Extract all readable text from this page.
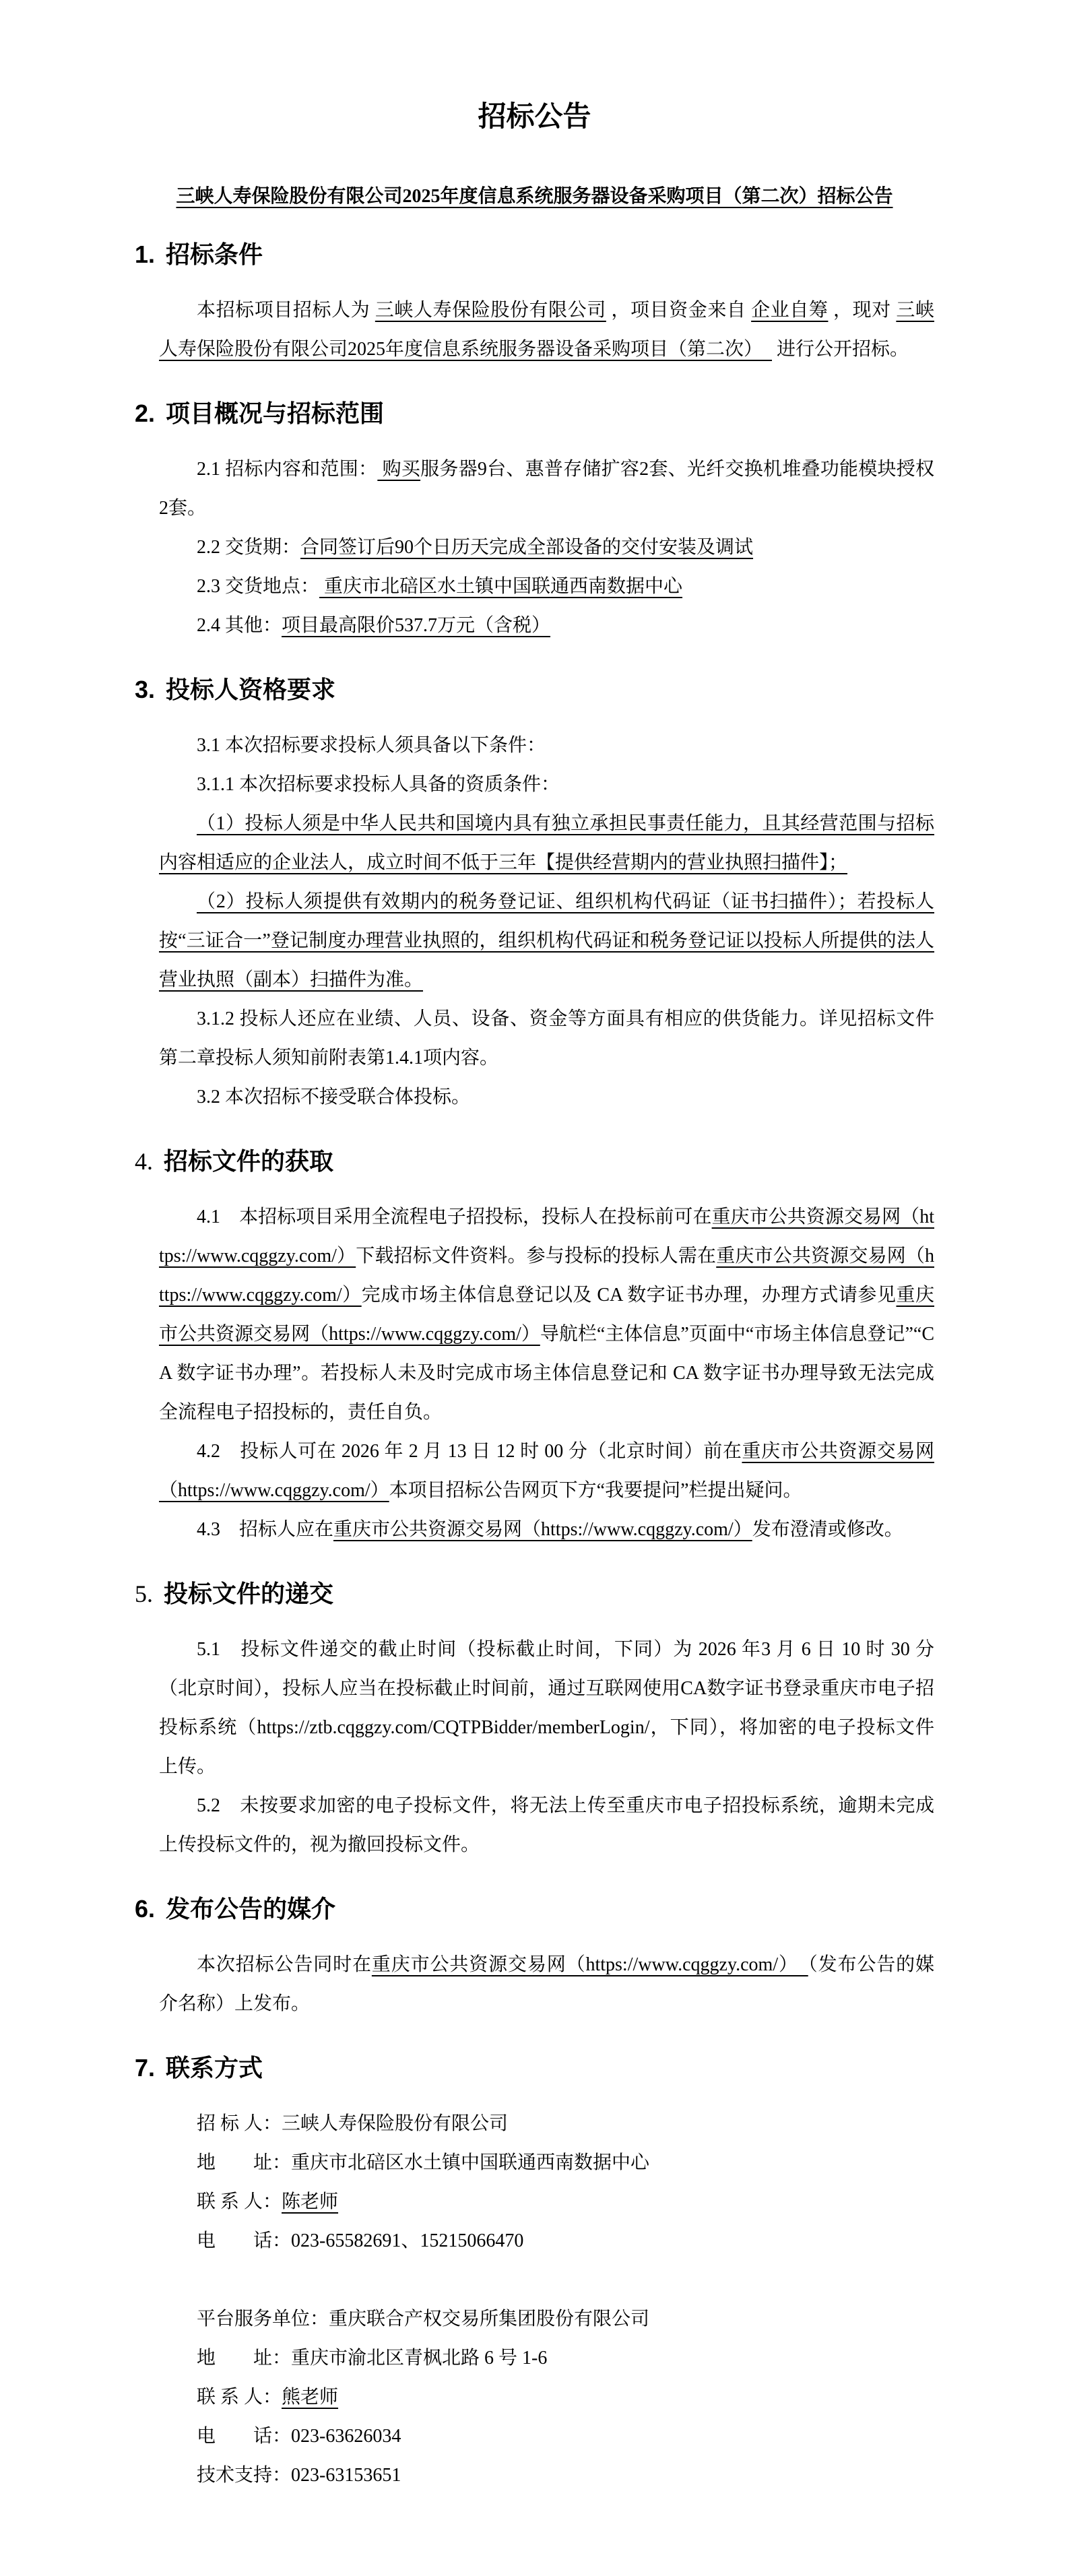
招标公告
三峡人寿保险股份有限公司2025年度信息系统服务器设备采购项目（第二次）招标公告
1. 招标条件

本招标项目招标人为 三峡人寿保险股份有限公司 ，项目资金来自 企业自筹 ，现对 三峡人寿保险股份有限公司2025年度信息系统服务器设备采购项目（第二次）　 进行公开招标。

2. 项目概况与招标范围

2.1 招标内容和范围： 购买服务器9台、惠普存储扩容2套、光纤交换机堆叠功能模块授权2套。

2.2 交货期：合同签订后90个日历天完成全部设备的交付安装及调试

2.3 交货地点： 重庆市北碚区水土镇中国联通西南数据中心

2.4 其他：项目最高限价537.7万元（含税）

3. 投标人资格要求

3.1 本次招标要求投标人须具备以下条件：

3.1.1 本次招标要求投标人具备的资质条件：

（1）投标人须是中华人民共和国境内具有独立承担民事责任能力，且其经营范围与招标内容相适应的企业法人，成立时间不低于三年【提供经营期内的营业执照扫描件】；

（2）投标人须提供有效期内的税务登记证、组织机构代码证（证书扫描件）；若投标人按“三证合一”登记制度办理营业执照的，组织机构代码证和税务登记证以投标人所提供的法人营业执照（副本）扫描件为准。

3.1.2 投标人还应在业绩、人员、设备、资金等方面具有相应的供货能力。详见招标文件第二章投标人须知前附表第1.4.1项内容。

3.2 本次招标不接受联合体投标。

4. 招标文件的获取

4.1　本招标项目采用全流程电子招投标，投标人在投标前可在重庆市公共资源交易网（https://www.cqggzy.com/）下载招标文件资料。参与投标的投标人需在重庆市公共资源交易网（https://www.cqggzy.com/）完成市场主体信息登记以及 CA 数字证书办理，办理方式请参见重庆市公共资源交易网（https://www.cqggzy.com/）导航栏“主体信息”页面中“市场主体信息登记”“CA 数字证书办理”。若投标人未及时完成市场主体信息登记和 CA 数字证书办理导致无法完成全流程电子招投标的，责任自负。

4.2　投标人可在 2026 年 2 月 13 日 12 时 00 分（北京时间）前在重庆市公共资源交易网（https://www.cqggzy.com/）本项目招标公告网页下方“我要提问”栏提出疑问。

4.3　招标人应在重庆市公共资源交易网（https://www.cqggzy.com/）发布澄清或修改。

5. 投标文件的递交

5.1　投标文件递交的截止时间（投标截止时间，下同）为 2026 年3 月 6 日 10 时 30 分（北京时间），投标人应当在投标截止时间前，通过互联网使用CA数字证书登录重庆市电子招投标系统（https://ztb.cqggzy.com/CQTPBidder/memberLogin/，下同），将加密的电子投标文件上传。

5.2　未按要求加密的电子投标文件，将无法上传至重庆市电子招投标系统，逾期未完成上传投标文件的，视为撤回投标文件。

6. 发布公告的媒介

本次招标公告同时在重庆市公共资源交易网（https://www.cqggzy.com/）　（发布公告的媒介名称）上发布。

7. 联系方式

招 标 人：三峡人寿保险股份有限公司

地　　址：重庆市北碚区水土镇中国联通西南数据中心

联 系 人：陈老师

电　　话：023-65582691、15215066470

平台服务单位：重庆联合产权交易所集团股份有限公司

地　　址：重庆市渝北区青枫北路 6 号 1-6

联 系 人：熊老师

电　　话：023-63626034

技术支持：023-63153651
